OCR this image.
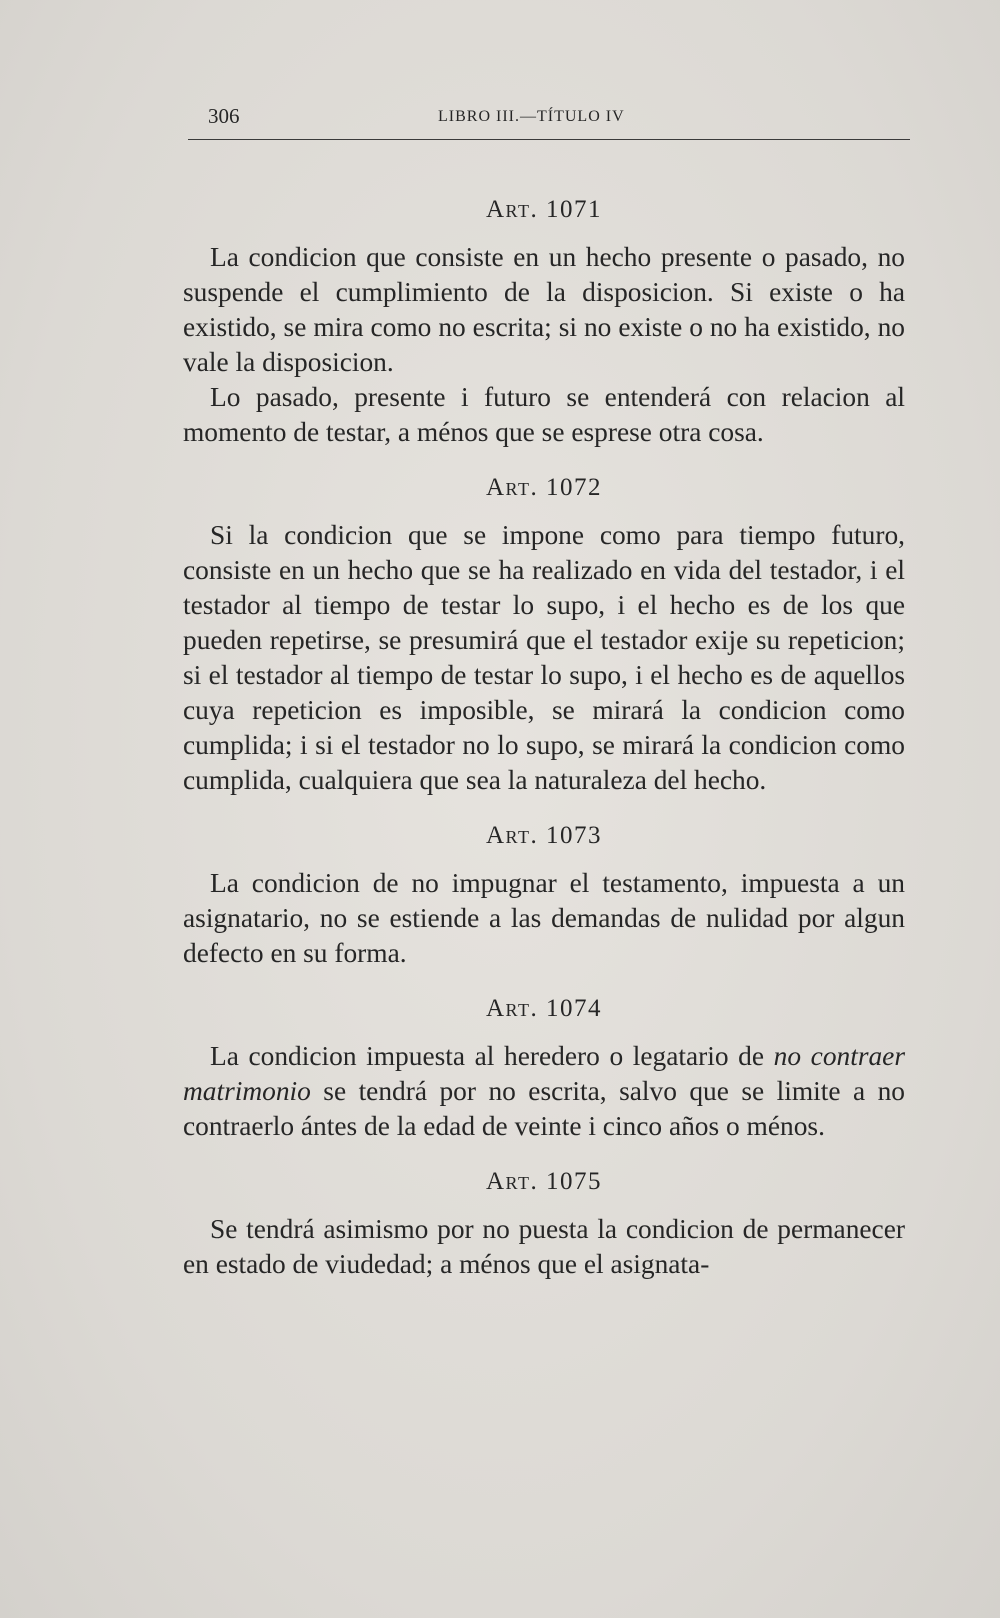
306	LIBRO III.—TÍTULO IV
Art. 1071

La condicion que consiste en un hecho presente o pasado, no suspende el cumplimiento de la disposicion. Si existe o ha existido, se mira como no escrita; si no existe o no ha existido, no vale la disposicion.

Lo pasado, presente i futuro se entenderá con relacion al momento de testar, a ménos que se esprese otra cosa.

Art. 1072

Si la condicion que se impone como para tiempo futuro, consiste en un hecho que se ha realizado en vida del testador, i el testador al tiempo de testar lo supo, i el hecho es de los que pueden repetirse, se presumirá que el testador exije su repeticion; si el testador al tiempo de testar lo supo, i el hecho es de aquellos cuya repeticion es imposible, se mirará la condicion como cumplida; i si el testador no lo supo, se mirará la condicion como cumplida, cualquiera que sea la naturaleza del hecho.

Art. 1073

La condicion de no impugnar el testamento, impuesta a un asignatario, no se estiende a las demandas de nulidad por algun defecto en su forma.

Art. 1074

La condicion impuesta al heredero o legatario de no contraer matrimonio se tendrá por no escrita, salvo que se limite a no contraerlo ántes de la edad de veinte i cinco años o ménos.

Art. 1075

Se tendrá asimismo por no puesta la condicion de permanecer en estado de viudedad; a ménos que el asignata-
